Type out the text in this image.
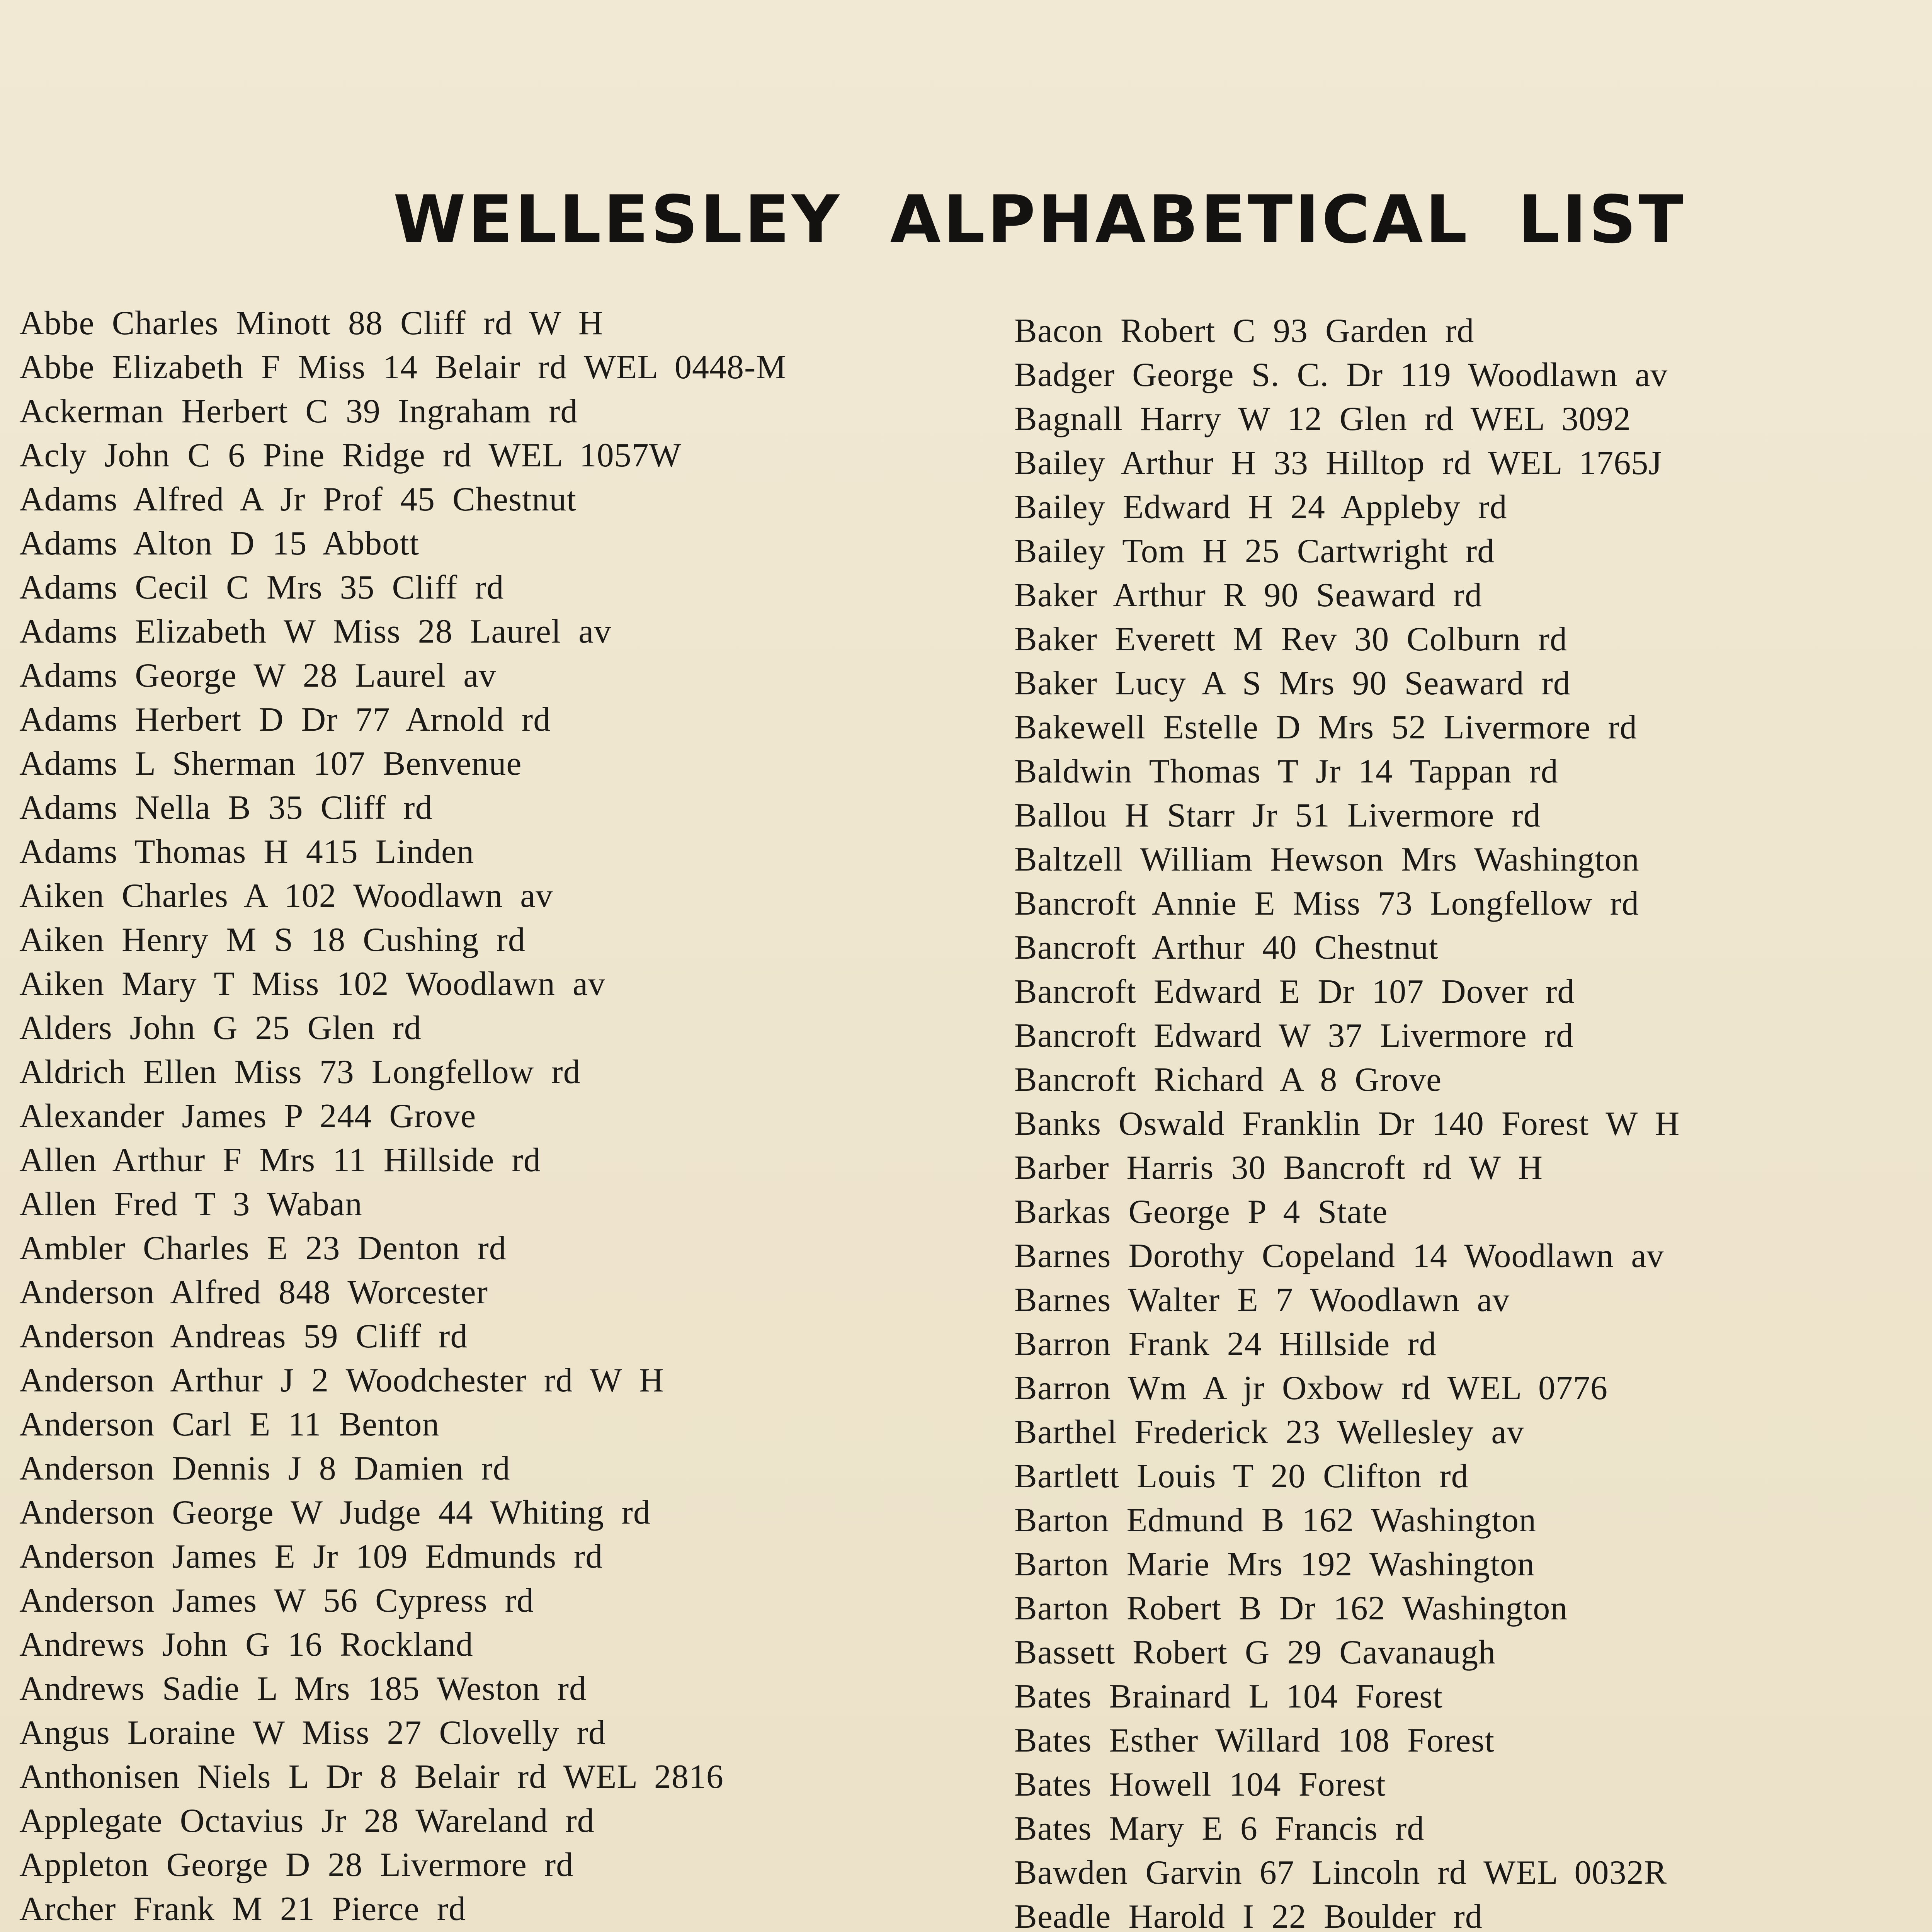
WELLESLEY ALPHABETICAL LIST
Abbe Charles Minott 88 Cliff rd W H
Abbe Elizabeth F Miss 14 Belair rd WEL 0448-M
Ackerman Herbert C 39 Ingraham rd
Acly John C 6 Pine Ridge rd WEL 1057W
Adams Alfred A Jr Prof 45 Chestnut
Adams Alton D 15 Abbott
Adams Cecil C Mrs 35 Cliff rd
Adams Elizabeth W Miss 28 Laurel av
Adams George W 28 Laurel av
Adams Herbert D Dr 77 Arnold rd
Adams L Sherman 107 Benvenue
Adams Nella B 35 Cliff rd
Adams Thomas H 415 Linden
Aiken Charles A 102 Woodlawn av
Aiken Henry M S 18 Cushing rd
Aiken Mary T Miss 102 Woodlawn av
Alders John G 25 Glen rd
Aldrich Ellen Miss 73 Longfellow rd
Alexander James P 244 Grove
Allen Arthur F Mrs 11 Hillside rd
Allen Fred T 3 Waban
Ambler Charles E 23 Denton rd
Anderson Alfred 848 Worcester
Anderson Andreas 59 Cliff rd
Anderson Arthur J 2 Woodchester rd W H
Anderson Carl E 11 Benton
Anderson Dennis J 8 Damien rd
Anderson George W Judge 44 Whiting rd
Anderson James E Jr 109 Edmunds rd
Anderson James W 56 Cypress rd
Andrews John G 16 Rockland
Andrews Sadie L Mrs 185 Weston rd
Angus Loraine W Miss 27 Clovelly rd
Anthonisen Niels L Dr 8 Belair rd WEL 2816
Applegate Octavius Jr 28 Wareland rd
Appleton George D 28 Livermore rd
Archer Frank M 21 Pierce rd
Bacon Robert C 93 Garden rd
Badger George S. C. Dr 119 Woodlawn av
Bagnall Harry W 12 Glen rd WEL 3092
Bailey Arthur H 33 Hilltop rd WEL 1765J
Bailey Edward H 24 Appleby rd
Bailey Tom H 25 Cartwright rd
Baker Arthur R 90 Seaward rd
Baker Everett M Rev 30 Colburn rd
Baker Lucy A S Mrs 90 Seaward rd
Bakewell Estelle D Mrs 52 Livermore rd
Baldwin Thomas T Jr 14 Tappan rd
Ballou H Starr Jr 51 Livermore rd
Baltzell William Hewson Mrs Washington
Bancroft Annie E Miss 73 Longfellow rd
Bancroft Arthur 40 Chestnut
Bancroft Edward E Dr 107 Dover rd
Bancroft Edward W 37 Livermore rd
Bancroft Richard A 8 Grove
Banks Oswald Franklin Dr 140 Forest W H
Barber Harris 30 Bancroft rd W H
Barkas George P 4 State
Barnes Dorothy Copeland 14 Woodlawn av
Barnes Walter E 7 Woodlawn av
Barron Frank 24 Hillside rd
Barron Wm A jr Oxbow rd WEL 0776
Barthel Frederick 23 Wellesley av
Bartlett Louis T 20 Clifton rd
Barton Edmund B 162 Washington
Barton Marie Mrs 192 Washington
Barton Robert B Dr 162 Washington
Bassett Robert G 29 Cavanaugh
Bates Brainard L 104 Forest
Bates Esther Willard 108 Forest
Bates Howell 104 Forest
Bates Mary E 6 Francis rd
Bawden Garvin 67 Lincoln rd WEL 0032R
Beadle Harold I 22 Boulder rd
